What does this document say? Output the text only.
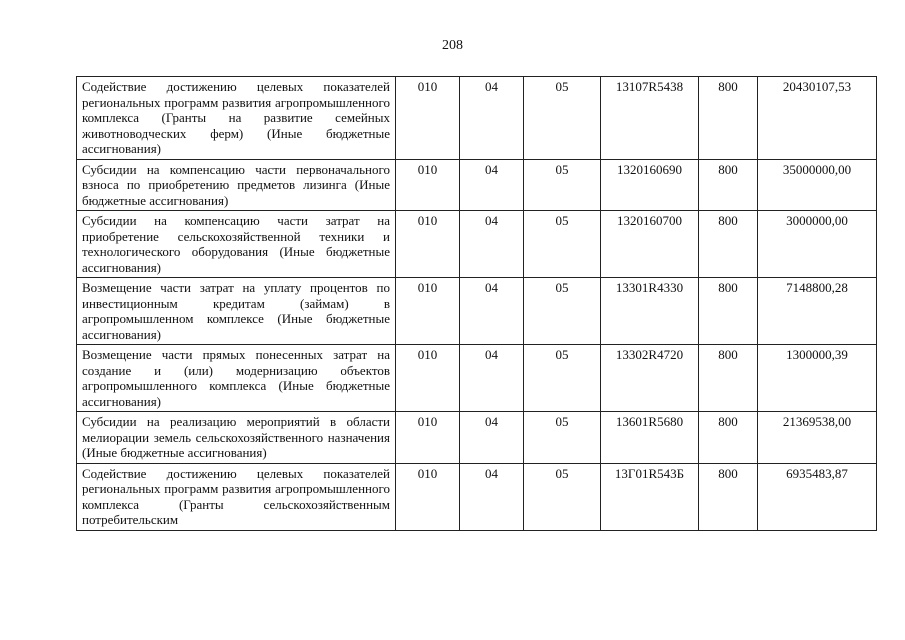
208
Содействие достижению целевых показателей региональных программ развития агропромышленного комплекса (Гранты на развитие семейных животноводческих ферм) (Иные бюджетные ассигнования)	010	04	05	13107R5438	800	20430107,53
Субсидии на компенсацию части первоначального взноса по приобретению предметов лизинга (Иные бюджетные ассигнования)	010	04	05	1320160690	800	35000000,00
Субсидии на компенсацию части затрат на приобретение сельскохозяйственной техники и технологического оборудования (Иные бюджетные ассигнования)	010	04	05	1320160700	800	3000000,00
Возмещение части затрат на уплату процентов по инвестиционным кредитам (займам) в агропромышленном комплексе (Иные бюджетные ассигнования)	010	04	05	13301R4330	800	7148800,28
Возмещение части прямых понесенных затрат на создание и (или) модернизацию объектов агропромышленного комплекса (Иные бюджетные ассигнования)	010	04	05	13302R4720	800	1300000,39
Субсидии на реализацию мероприятий в области мелиорации земель сельскохозяйственного назначения (Иные бюджетные ассигнования)	010	04	05	13601R5680	800	21369538,00
Содействие достижению целевых показателей региональных программ развития агропромышленного комплекса (Гранты сельскохозяйственным потребительским	010	04	05	13Г01R543Б	800	6935483,87
